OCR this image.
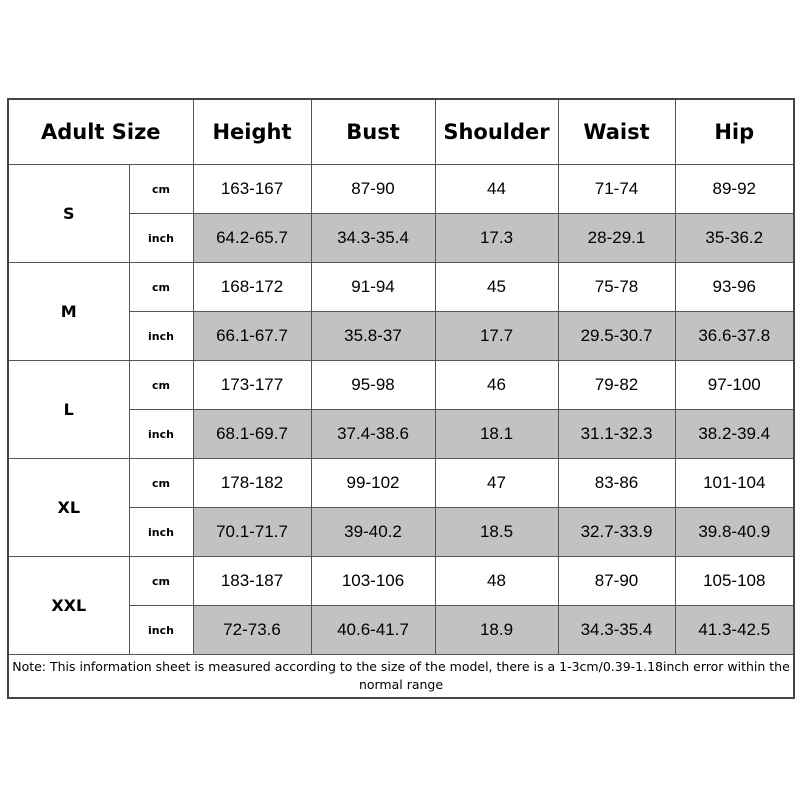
Adult Size		Height	Bust	Shoulder	Waist	Hip
S	cm	163-167	87-90	44	71-74	89-92
	inch	64.2-65.7	34.3-35.4	17.3	28-29.1	35-36.2
M	cm	168-172	91-94	45	75-78	93-96
	inch	66.1-67.7	35.8-37	17.7	29.5-30.7	36.6-37.8
L	cm	173-177	95-98	46	79-82	97-100
	inch	68.1-69.7	37.4-38.6	18.1	31.1-32.3	38.2-39.4
XL	cm	178-182	99-102	47	83-86	101-104
	inch	70.1-71.7	39-40.2	18.5	32.7-33.9	39.8-40.9
XXL	cm	183-187	103-106	48	87-90	105-108
	inch	72-73.6	40.6-41.7	18.9	34.3-35.4	41.3-42.5
Note: This information sheet is measured according to the size of the model, there is a 1-3cm/0.39-1.18inch error within the normal range						
